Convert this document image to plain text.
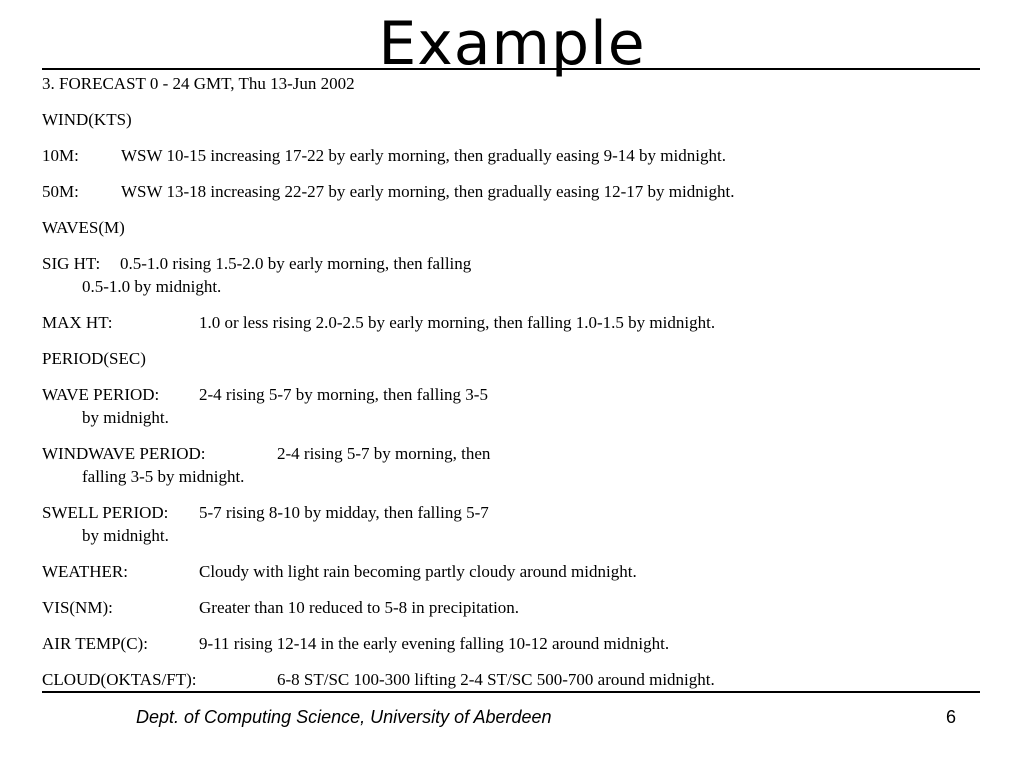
Example
3. FORECAST 0 - 24 GMT, Thu 13-Jun 2002
WIND(KTS)
10M: WSW 10-15 increasing 17-22 by early morning, then gradually easing 9-14 by midnight.
50M: WSW 13-18 increasing 22-27 by early morning, then gradually easing 12-17 by midnight.
WAVES(M)
SIG HT: 0.5-1.0 rising 1.5-2.0 by early morning, then falling
0.5-1.0 by midnight.
MAX HT:	1.0 or less rising 2.0-2.5 by early morning, then falling 1.0-1.5 by midnight.
PERIOD(SEC)
WAVE PERIOD: 2-4 rising 5-7 by morning, then falling 3-5
by midnight.
WINDWAVE PERIOD:	2-4 rising 5-7 by morning, then
falling 3-5 by midnight.
SWELL PERIOD: 5-7 rising 8-10 by midday, then falling 5-7
by midnight.
WEATHER:	Cloudy with light rain becoming partly cloudy around midnight.
VIS(NM):	Greater than 10 reduced to 5-8 in precipitation.
AIR TEMP(C):	9-11 rising 12-14 in the early evening falling 10-12 around midnight.
CLOUD(OKTAS/FT):	6-8 ST/SC 100-300 lifting 2-4 ST/SC 500-700 around midnight.
Dept. of Computing Science, University of Aberdeen	6
